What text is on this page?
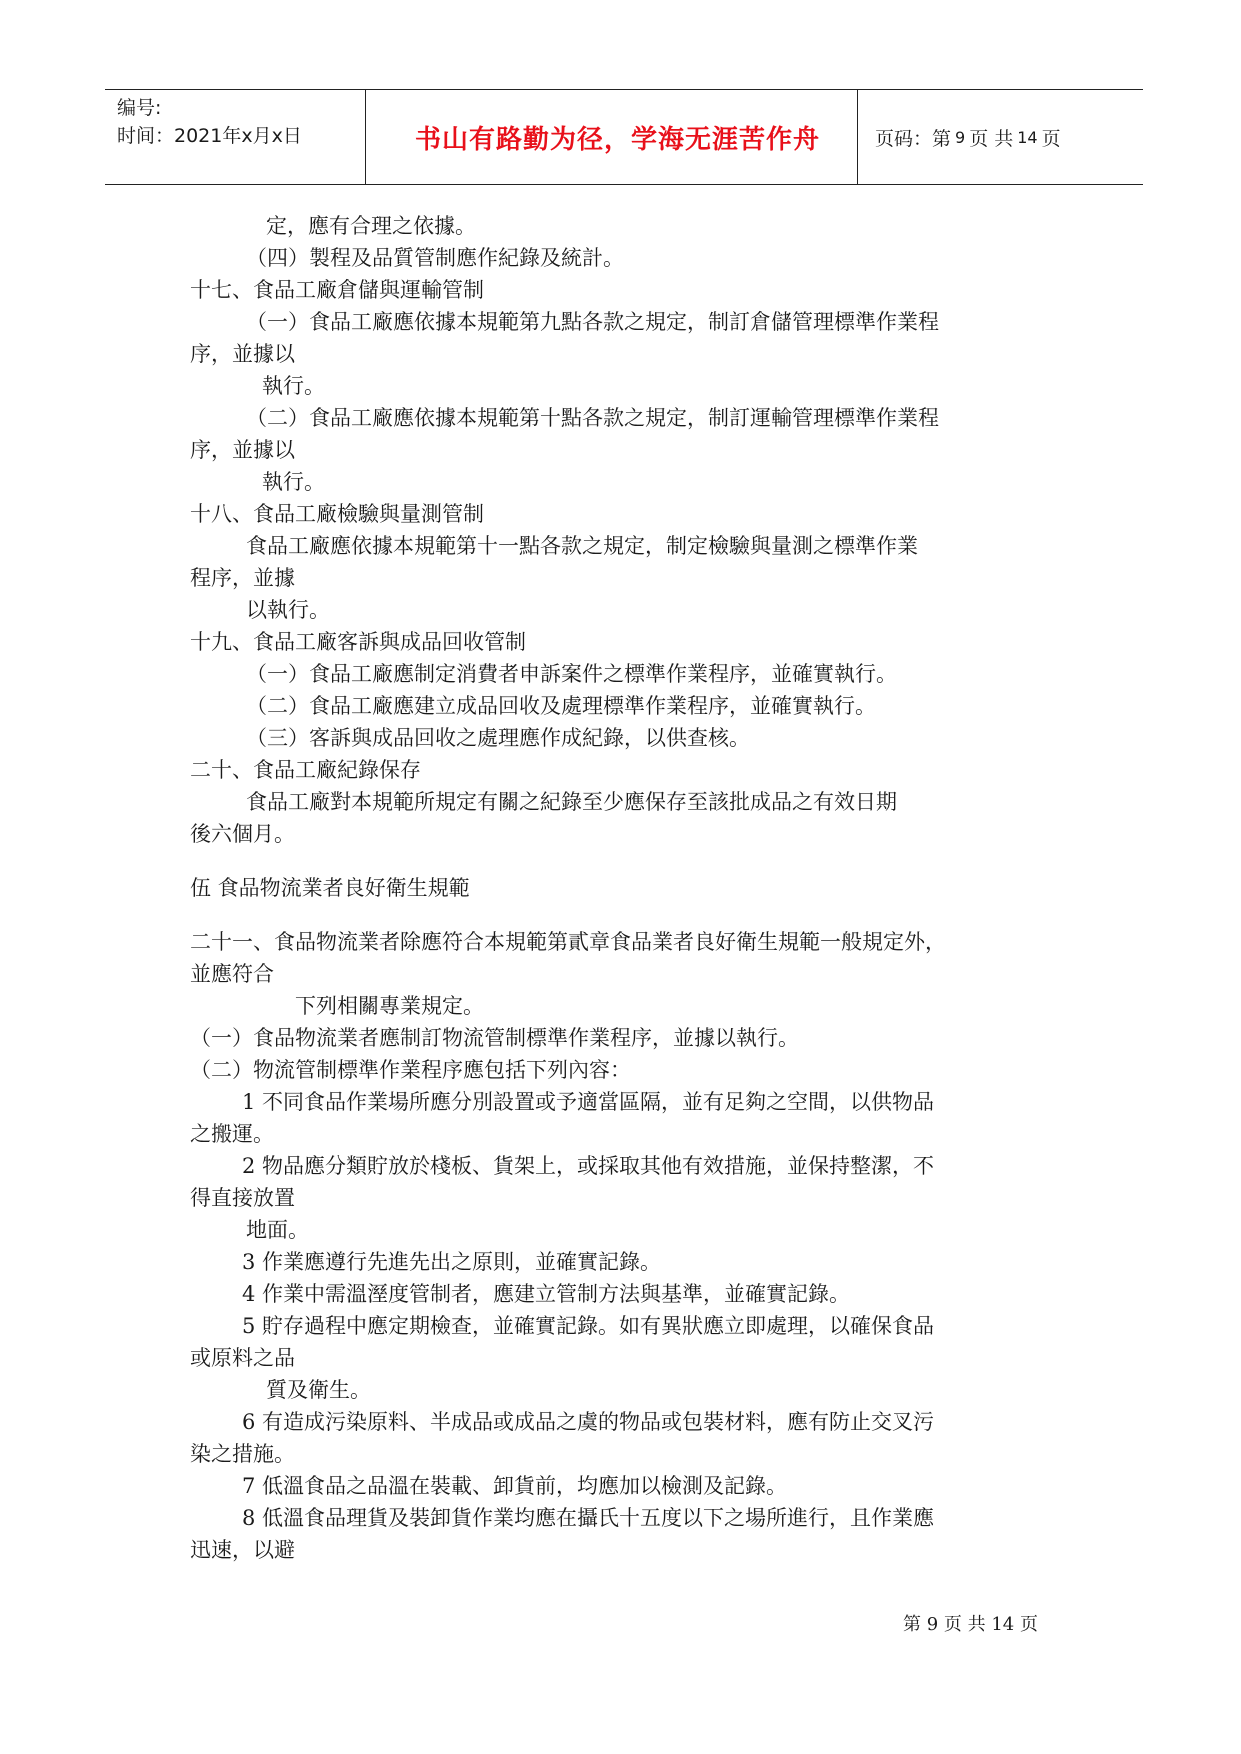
编号:
时间：2021年x月x日	书山有路勤为径，学海无涯苦作舟	页码：第 9 页 共 14 页
定，應有合理之依據。
（四）製程及品質管制應作紀錄及統計。
十七、食品工廠倉儲與運輸管制
（一）食品工廠應依據本規範第九點各款之規定，制訂倉儲管理標準作業程
序，並據以
執行。
（二）食品工廠應依據本規範第十點各款之規定，制訂運輸管理標準作業程
序，並據以
執行。
十八、食品工廠檢驗與量測管制
食品工廠應依據本規範第十一點各款之規定，制定檢驗與量測之標準作業
程序，並據
以執行。
十九、食品工廠客訴與成品回收管制
（一）食品工廠應制定消費者申訴案件之標準作業程序，並確實執行。
（二）食品工廠應建立成品回收及處理標準作業程序，並確實執行。
（三）客訴與成品回收之處理應作成紀錄，以供查核。
二十、食品工廠紀錄保存
食品工廠對本規範所規定有關之紀錄至少應保存至該批成品之有效日期
後六個月。
伍 食品物流業者良好衛生規範
二十一、食品物流業者除應符合本規範第貳章食品業者良好衛生規範一般規定外，
並應符合
下列相關專業規定。
（一）食品物流業者應制訂物流管制標準作業程序，並據以執行。
（二）物流管制標準作業程序應包括下列內容：
1 不同食品作業場所應分別設置或予適當區隔，並有足夠之空間，以供物品
之搬運。
2 物品應分類貯放於棧板、貨架上，或採取其他有效措施，並保持整潔，不
得直接放置
地面。
3 作業應遵行先進先出之原則，並確實記錄。
4 作業中需溫溼度管制者，應建立管制方法與基準，並確實記錄。
5 貯存過程中應定期檢查，並確實記錄。如有異狀應立即處理，以確保食品
或原料之品
質及衛生。
6 有造成污染原料、半成品或成品之虞的物品或包裝材料，應有防止交叉污
染之措施。
7 低溫食品之品溫在裝載、卸貨前，均應加以檢測及記錄。
8 低溫食品理貨及裝卸貨作業均應在攝氏十五度以下之場所進行，且作業應
迅速，以避
第 9 页 共 14 页
